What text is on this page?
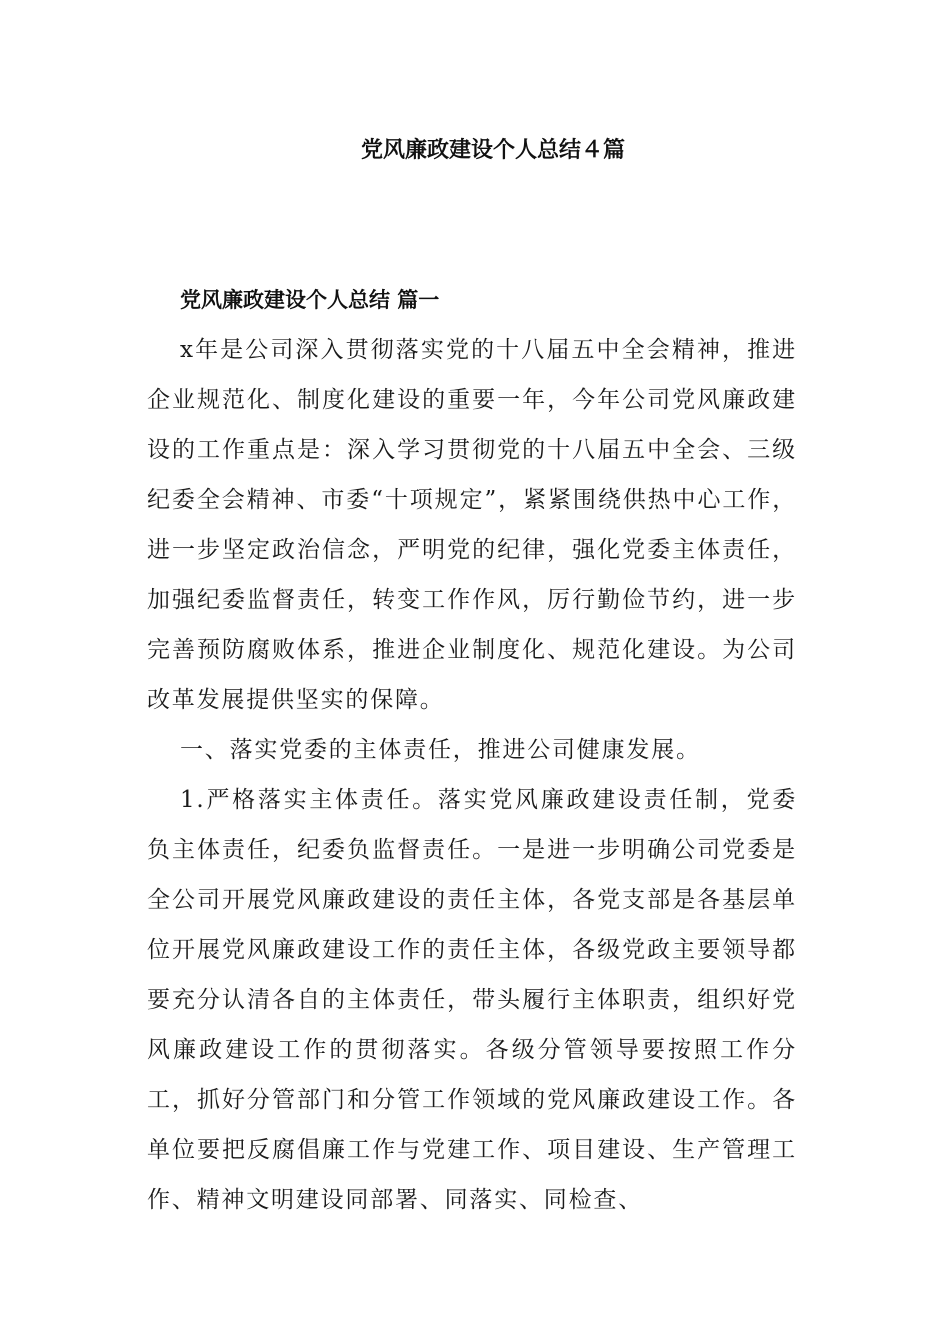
党风廉政建设个人总结４篇
党风廉政建设个人总结 篇一

x年是公司深入贯彻落实党的十八届五中全会精神，推进企业规范化、制度化建设的重要一年，今年公司党风廉政建设的工作重点是：深入学习贯彻党的十八届五中全会、三级纪委全会精神、市委“十项规定”，紧紧围绕供热中心工作，进一步坚定政治信念，严明党的纪律，强化党委主体责任，加强纪委监督责任，转变工作作风，厉行勤俭节约，进一步完善预防腐败体系，推进企业制度化、规范化建设。为公司改革发展提供坚实的保障。

一、落实党委的主体责任，推进公司健康发展。

1.严格落实主体责任。落实党风廉政建设责任制，党委负主体责任，纪委负监督责任。一是进一步明确公司党委是全公司开展党风廉政建设的责任主体，各党支部是各基层单位开展党风廉政建设工作的责任主体，各级党政主要领导都要充分认清各自的主体责任，带头履行主体职责，组织好党风廉政建设工作的贯彻落实。各级分管领导要按照工作分工，抓好分管部门和分管工作领域的党风廉政建设工作。各单位要把反腐倡廉工作与党建工作、项目建设、生产管理工作、精神文明建设同部署、同落实、同检查、
